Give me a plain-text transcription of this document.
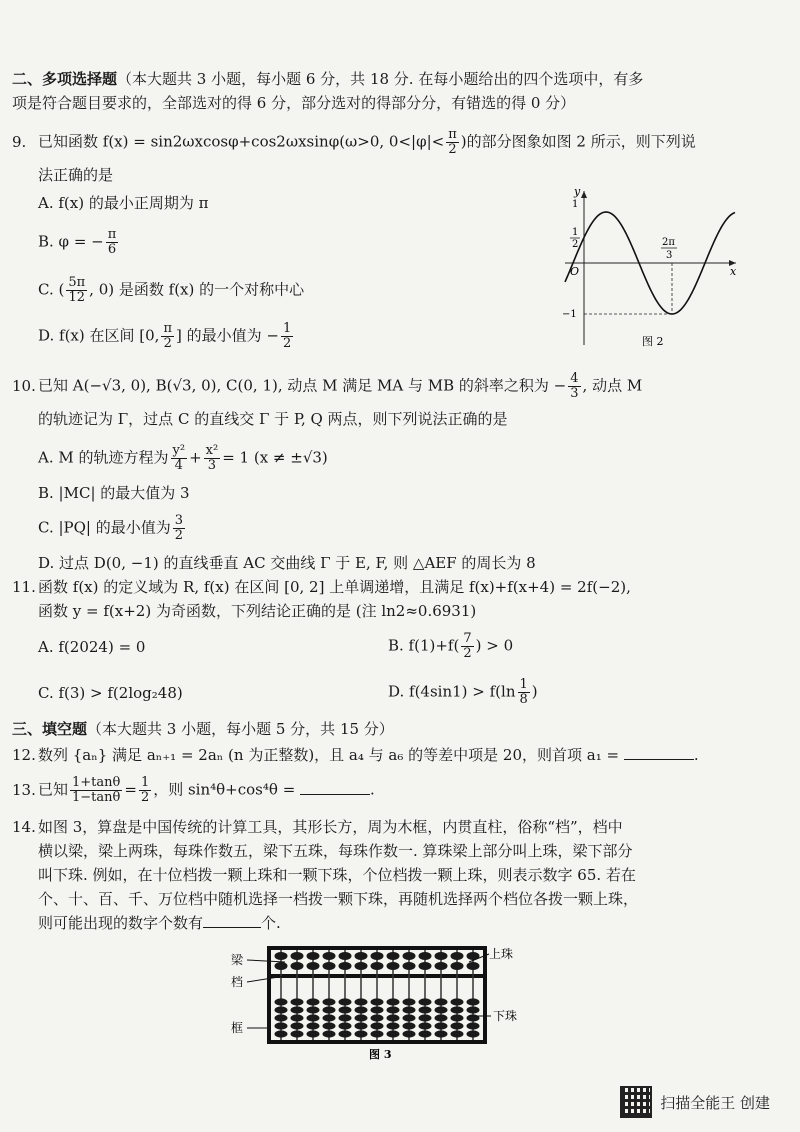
二、多项选择题（本大题共 3 小题，每小题 6 分，共 18 分. 在每小题给出的四个选项中，有多
项是符合题目要求的，全部选对的得 6 分，部分选对的得部分分，有错选的得 0 分）
9. 已知函数 f(x) = sin2ωxcosφ+cos2ωxsinφ(ω>0, $0<|\varphi|< \frac{\pi}{2}$ )的部分图象如图 2 所示，则下列说
法正确的是
A. f(x) 的最小正周期为 π
B. φ = − $\frac{\pi}{6}$
C. ( $\frac{5\pi}{12}$ , 0) 是函数 f(x) 的一个对称中心
D. f(x) 在区间 [0, $\frac{\pi}{2}$ ] 的最小值为 − $\frac{1}{2}$
y
x
O
1
2
1
−1
2π
3
图 2
10. 已知 A(−√3, 0), B(√3, 0), C(0, 1), 动点 M 满足 MA 与 MB 的斜率之积为 − $\frac{4}{3}$ , 动点 M
的轨迹记为 Γ，过点 C 的直线交 Γ 于 P, Q 两点，则下列说法正确的是
A. M 的轨迹方程为 $\frac{\text{y²}}{4} + \frac{\text{x²}}{3} = 1$ (x ≠ ±√3)
B. |MC| 的最大值为 3
C. |PQ| 的最小值为 $\frac{3}{2}$
D. 过点 D(0, −1) 的直线垂直 AC 交曲线 Γ 于 E, F, 则 △AEF 的周长为 8
11. 函数 f(x) 的定义域为 R, f(x) 在区间 [0, 2] 上单调递增，且满足 f(x)+f(x+4) = 2f(−2),
函数 y = f(x+2) 为奇函数，下列结论正确的是 (注 ln2≈0.6931)
A. f(2024) = 0	B. $f(1)+f( \frac{7}{2}$ ) > 0
C. f(3) > f(2log₂48)	D. $f(4\sin 1) > f(\ln \frac{1}{8}$ )
三、填空题（本大题共 3 小题，每小题 5 分，共 15 分）
12. 数列 {aₙ} 满足 aₙ₊₁ = 2aₙ (n 为正整数)，且 a₄ 与 a₆ 的等差中项是 20，则首项 a₁ =	.
13. 已知 $\frac{1+\tan\theta}{1-\tan\theta} = \frac{1}{2}$ ，则 sin⁴θ+cos⁴θ =	.
14. 如图 3，算盘是中国传统的计算工具，其形长方，周为木框，内贯直柱，俗称“档”，档中
横以梁，梁上两珠，每珠作数五，梁下五珠，每珠作数一. 算珠梁上部分叫上珠，梁下部分
叫下珠. 例如，在十位档拨一颗上珠和一颗下珠，个位档拨一颗上珠，则表示数字 65. 若在
个、十、百、千、万位档中随机选择一档拨一颗下珠，再随机选择两个档位各拨一颗上珠，
则可能出现的数字个数有	个.
梁
档
框
上珠
下珠
图 3
扫描全能王 创建
